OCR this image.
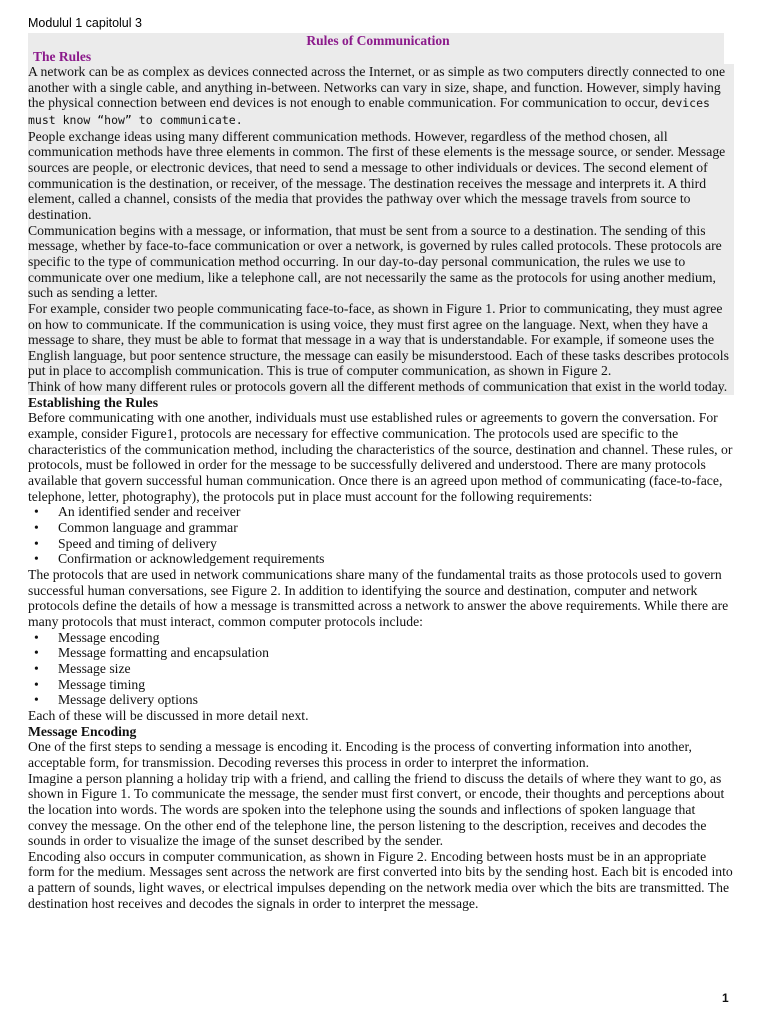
Modulul 1 capitolul 3
Rules of Communication
The Rules

A network can be as complex as devices connected across the Internet, or as simple as two computers directly connected to one another with a single cable, and anything in-between. Networks can vary in size, shape, and function. However, simply having the physical connection between end devices is not enough to enable communication. For communication to occur, devices must know “how” to communicate.

People exchange ideas using many different communication methods. However, regardless of the method chosen, all communication methods have three elements in common. The first of these elements is the message source, or sender. Message sources are people, or electronic devices, that need to send a message to other individuals or devices. The second element of communication is the destination, or receiver, of the message. The destination receives the message and interprets it. A third element, called a channel, consists of the media that provides the pathway over which the message travels from source to destination.

Communication begins with a message, or information, that must be sent from a source to a destination. The sending of this message, whether by face-to-face communication or over a network, is governed by rules called protocols. These protocols are specific to the type of communication method occurring. In our day-to-day personal communication, the rules we use to communicate over one medium, like a telephone call, are not necessarily the same as the protocols for using another medium, such as sending a letter.

For example, consider two people communicating face-to-face, as shown in Figure 1. Prior to communicating, they must agree on how to communicate. If the communication is using voice, they must first agree on the language. Next, when they have a message to share, they must be able to format that message in a way that is understandable. For example, if someone uses the English language, but poor sentence structure, the message can easily be misunderstood. Each of these tasks describes protocols put in place to accomplish communication. This is true of computer communication, as shown in Figure 2.

Think of how many different rules or protocols govern all the different methods of communication that exist in the world today.

Establishing the Rules

Before communicating with one another, individuals must use established rules or agreements to govern the conversation. For example, consider Figure1, protocols are necessary for effective communication. The protocols used are specific to the characteristics of the communication method, including the characteristics of the source, destination and channel. These rules, or protocols, must be followed in order for the message to be successfully delivered and understood. There are many protocols available that govern successful human communication. Once there is an agreed upon method of communicating (face-to-face, telephone, letter, photography), the protocols put in place must account for the following requirements:

• An identified sender and receiver
• Common language and grammar
• Speed and timing of delivery
• Confirmation or acknowledgement requirements

The protocols that are used in network communications share many of the fundamental traits as those protocols used to govern successful human conversations, see Figure 2. In addition to identifying the source and destination, computer and network protocols define the details of how a message is transmitted across a network to answer the above requirements. While there are many protocols that must interact, common computer protocols include:

• Message encoding
• Message formatting and encapsulation
• Message size
• Message timing
• Message delivery options

Each of these will be discussed in more detail next.

Message Encoding

One of the first steps to sending a message is encoding it. Encoding is the process of converting information into another, acceptable form, for transmission. Decoding reverses this process in order to interpret the information.

Imagine a person planning a holiday trip with a friend, and calling the friend to discuss the details of where they want to go, as shown in Figure 1. To communicate the message, the sender must first convert, or encode, their thoughts and perceptions about the location into words. The words are spoken into the telephone using the sounds and inflections of spoken language that convey the message. On the other end of the telephone line, the person listening to the description, receives and decodes the sounds in order to visualize the image of the sunset described by the sender.

Encoding also occurs in computer communication, as shown in Figure 2. Encoding between hosts must be in an appropriate form for the medium. Messages sent across the network are first converted into bits by the sending host. Each bit is encoded into a pattern of sounds, light waves, or electrical impulses depending on the network media over which the bits are transmitted. The destination host receives and decodes the signals in order to interpret the message.

1
